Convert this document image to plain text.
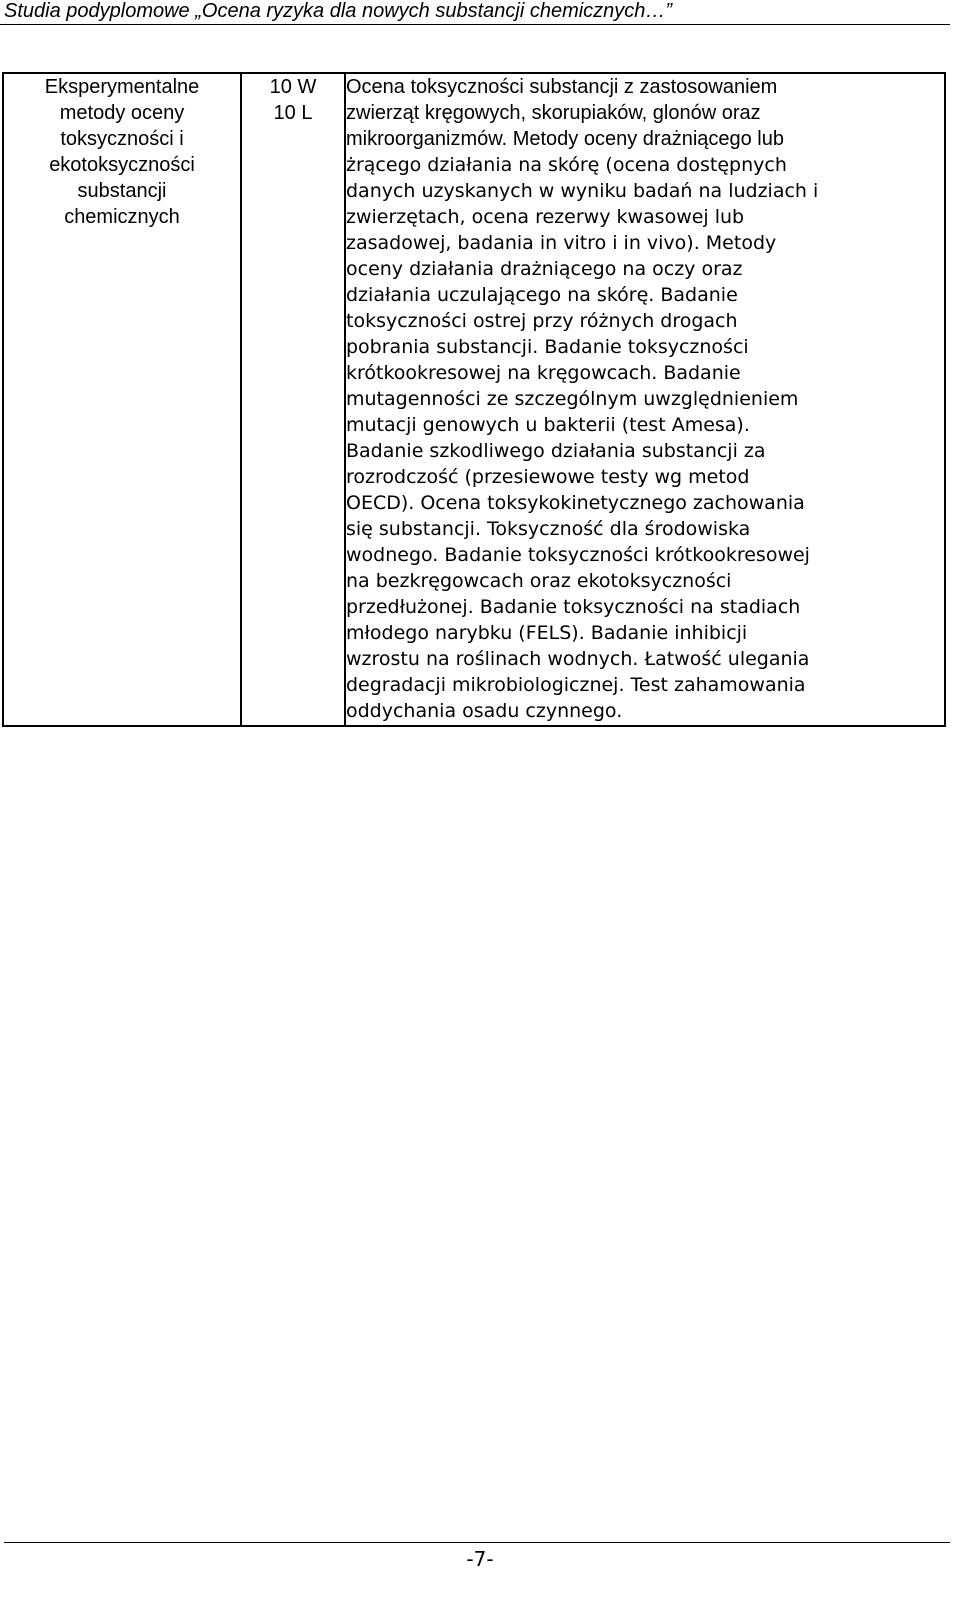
Studia podyplomowe „Ocena ryzyka dla nowych substancji chemicznych…”
Eksperymentalne
metody oceny
toksyczności i
ekotoksyczności
substancji
chemicznych

10 W
10 L

Ocena toksyczności substancji z zastosowaniem
zwierząt kręgowych, skorupiaków, glonów oraz
mikroorganizmów. Metody oceny drażniącego lub
żrącego działania na skórę (ocena dostępnych
danych uzyskanych w wyniku badań na ludziach i
zwierzętach, ocena rezerwy kwasowej lub
zasadowej, badania in vitro i in vivo). Metody
oceny działania drażniącego na oczy oraz
działania uczulającego na skórę. Badanie
toksyczności ostrej przy różnych drogach
pobrania substancji. Badanie toksyczności
krótkookresowej na kręgowcach. Badanie
mutagenności ze szczególnym uwzględnieniem
mutacji genowych u bakterii (test Amesa).
Badanie szkodliwego działania substancji za
rozrodczość (przesiewowe testy wg metod
OECD). Ocena toksykokinetycznego zachowania
się substancji. Toksyczność dla środowiska
wodnego. Badanie toksyczności krótkookresowej
na bezkręgowcach oraz ekotoksyczności
przedłużonej. Badanie toksyczności na stadiach
młodego narybku (FELS). Badanie inhibicji
wzrostu na roślinach wodnych. Łatwość ulegania
degradacji mikrobiologicznej. Test zahamowania
oddychania osadu czynnego.
-7-
